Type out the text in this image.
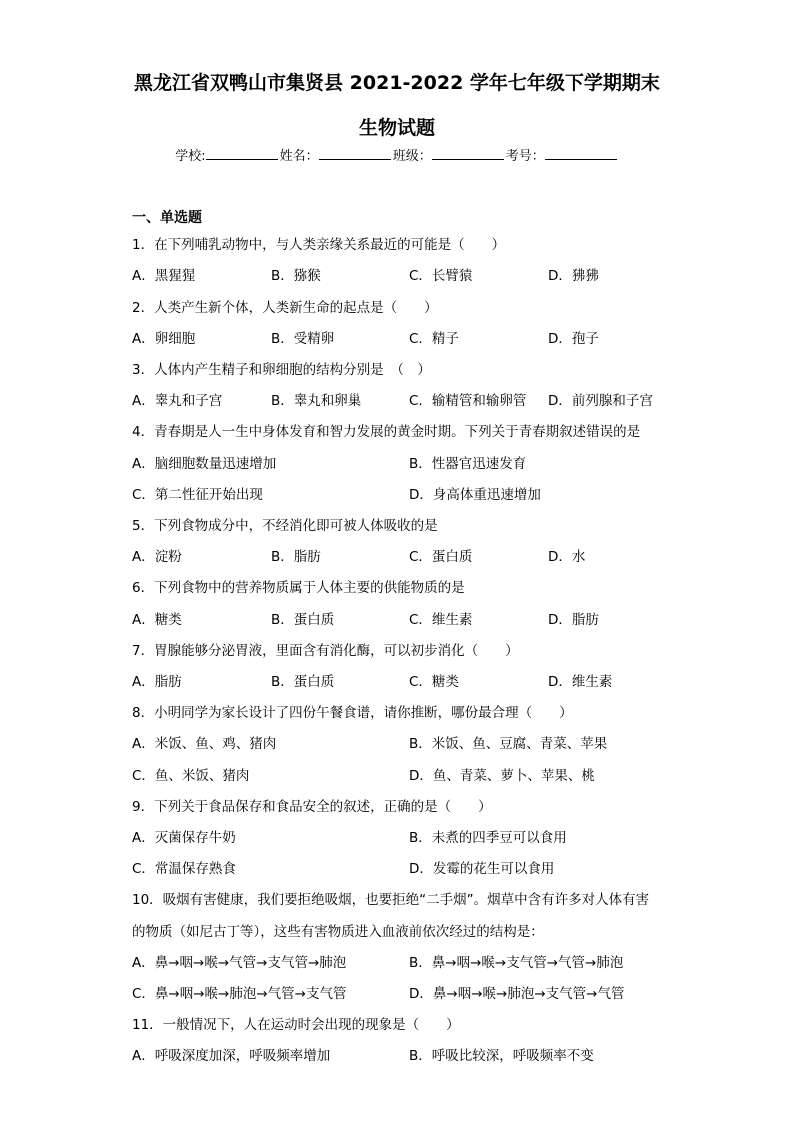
黑龙江省双鸭山市集贤县 2021-2022 学年七年级下学期期末
生物试题
学校:	姓名：	班级：	考号：
一、单选题
1．在下列哺乳动物中，与人类亲缘关系最近的可能是（　　）
A．黑猩猩	B．猕猴	C．长臂猿	D．狒狒
2．人类产生新个体，人类新生命的起点是（　　）
A．卵细胞	B．受精卵	C．精子	D．孢子
3．人体内产生精子和卵细胞的结构分别是　（　）
A．睾丸和子宫	B．睾丸和卵巢	C．输精管和输卵管 D．前列腺和子宫
4．青春期是人一生中身体发育和智力发展的黄金时期。下列关于青春期叙述错误的是
A．脑细胞数量迅速增加	B．性器官迅速发育
C．第二性征开始出现	D．身高体重迅速增加
5．下列食物成分中，不经消化即可被人体吸收的是
A．淀粉	B．脂肪	C．蛋白质	D．水
6．下列食物中的营养物质属于人体主要的供能物质的是
A．糖类	B．蛋白质	C．维生素	D．脂肪
7．胃腺能够分泌胃液，里面含有消化酶，可以初步消化（　　）
A．脂肪	B．蛋白质	C．糖类	D．维生素
8．小明同学为家长设计了四份午餐食谱，请你推断，哪份最合理（　　）
A．米饭、鱼、鸡、猪肉	B．米饭、鱼、豆腐、青菜、苹果
C．鱼、米饭、猪肉	D．鱼、青菜、萝卜、苹果、桃
9．下列关于食品保存和食品安全的叙述，正确的是（　　）
A．灭菌保存牛奶	B．未煮的四季豆可以食用
C．常温保存熟食	D．发霉的花生可以食用
10．吸烟有害健康，我们要拒绝吸烟，也要拒绝“二手烟”。烟草中含有许多对人体有害
的物质（如尼古丁等），这些有害物质进入血液前依次经过的结构是：
A．鼻→咽→喉→气管→支气管→肺泡	B．鼻→咽→喉→支气管→气管→肺泡
C．鼻→咽→喉→肺泡→气管→支气管	D．鼻→咽→喉→肺泡→支气管→气管
11．一般情况下，人在运动时会出现的现象是（　　）
A．呼吸深度加深，呼吸频率增加	B．呼吸比较深，呼吸频率不变
